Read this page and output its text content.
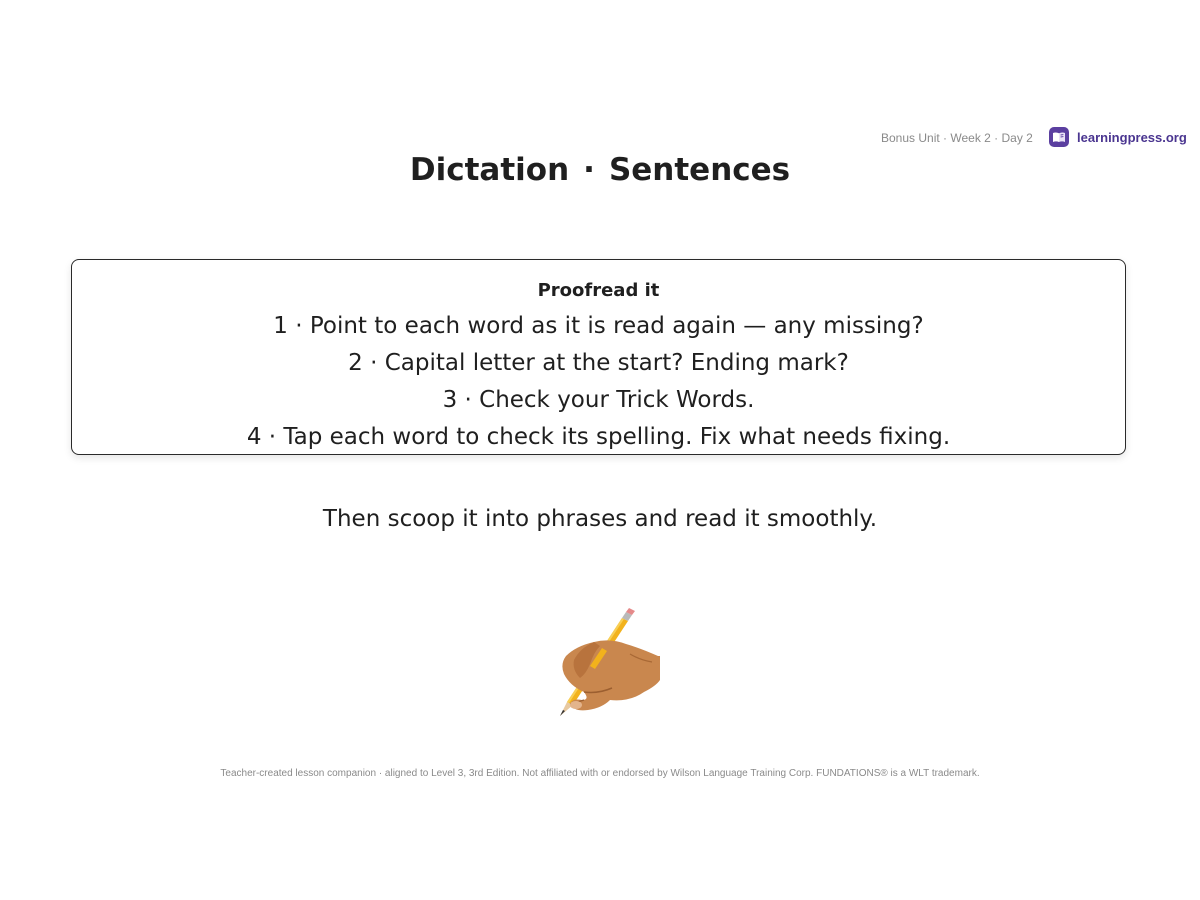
Bonus Unit · Week 2 · Day 2	learningpress.org
Dictation · Sentences
Proofread it
1 · Point to each word as it is read again — any missing?
2 · Capital letter at the start? Ending mark?
3 · Check your Trick Words.
4 · Tap each word to check its spelling. Fix what needs fixing.
Then scoop it into phrases and read it smoothly.
Teacher-created lesson companion · aligned to Level 3, 3rd Edition. Not affiliated with or endorsed by Wilson Language Training Corp. FUNDATIONS® is a WLT trademark.
